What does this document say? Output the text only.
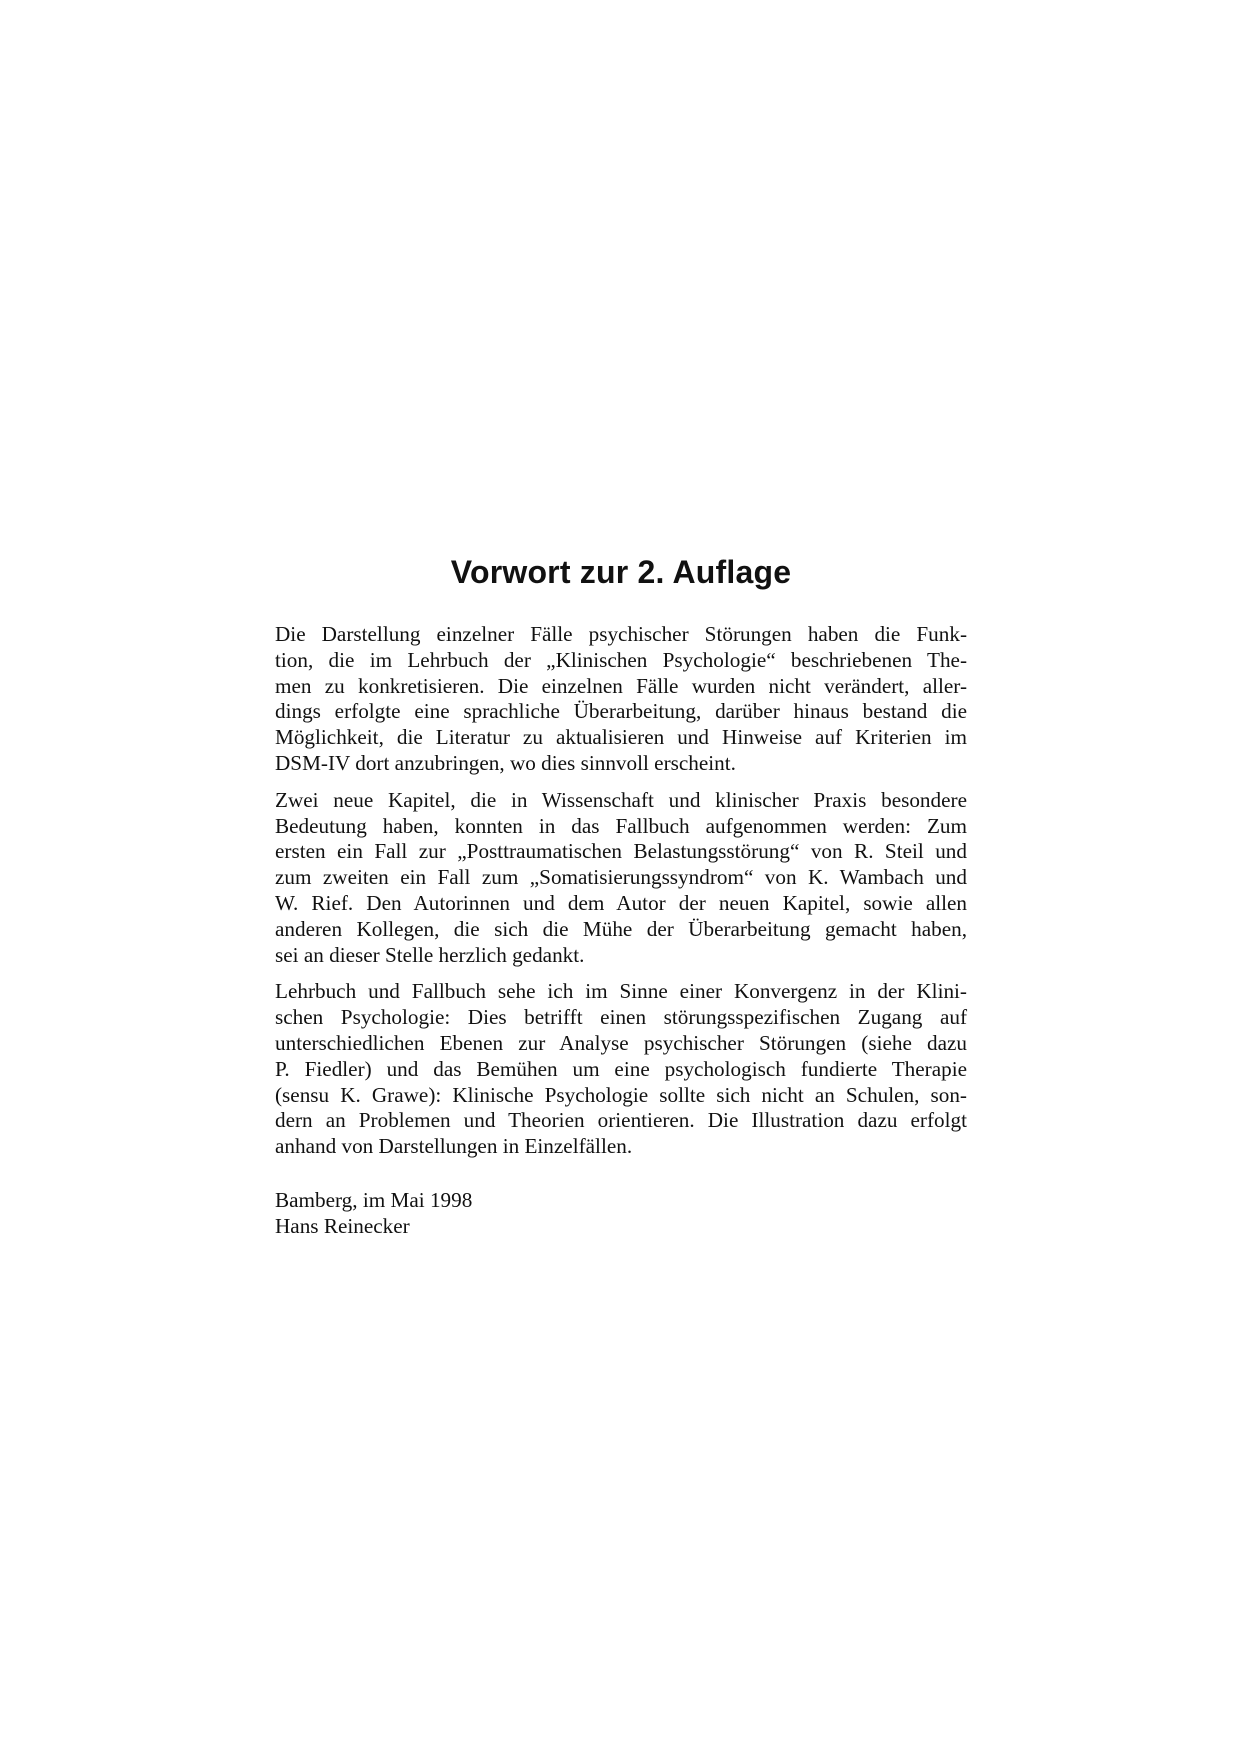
Vorwort zur 2. Auflage
Die Darstellung einzelner Fälle psychischer Störungen haben die Funk-
tion, die im Lehrbuch der „Klinischen Psychologie“ beschriebenen The-
men zu konkretisieren. Die einzelnen Fälle wurden nicht verändert, aller-
dings erfolgte eine sprachliche Überarbeitung, darüber hinaus bestand die
Möglichkeit, die Literatur zu aktualisieren und Hinweise auf Kriterien im
DSM-IV dort anzubringen, wo dies sinnvoll erscheint.
Zwei neue Kapitel, die in Wissenschaft und klinischer Praxis besondere
Bedeutung haben, konnten in das Fallbuch aufgenommen werden: Zum
ersten ein Fall zur „Posttraumatischen Belastungsstörung“ von R. Steil und
zum zweiten ein Fall zum „Somatisierungssyndrom“ von K. Wambach und
W. Rief. Den Autorinnen und dem Autor der neuen Kapitel, sowie allen
anderen Kollegen, die sich die Mühe der Überarbeitung gemacht haben,
sei an dieser Stelle herzlich gedankt.
Lehrbuch und Fallbuch sehe ich im Sinne einer Konvergenz in der Klini-
schen Psychologie: Dies betrifft einen störungsspezifischen Zugang auf
unterschiedlichen Ebenen zur Analyse psychischer Störungen (siehe dazu
P. Fiedler) und das Bemühen um eine psychologisch fundierte Therapie
(sensu K. Grawe): Klinische Psychologie sollte sich nicht an Schulen, son-
dern an Problemen und Theorien orientieren. Die Illustration dazu erfolgt
anhand von Darstellungen in Einzelfällen.
Bamberg, im Mai 1998
Hans Reinecker
